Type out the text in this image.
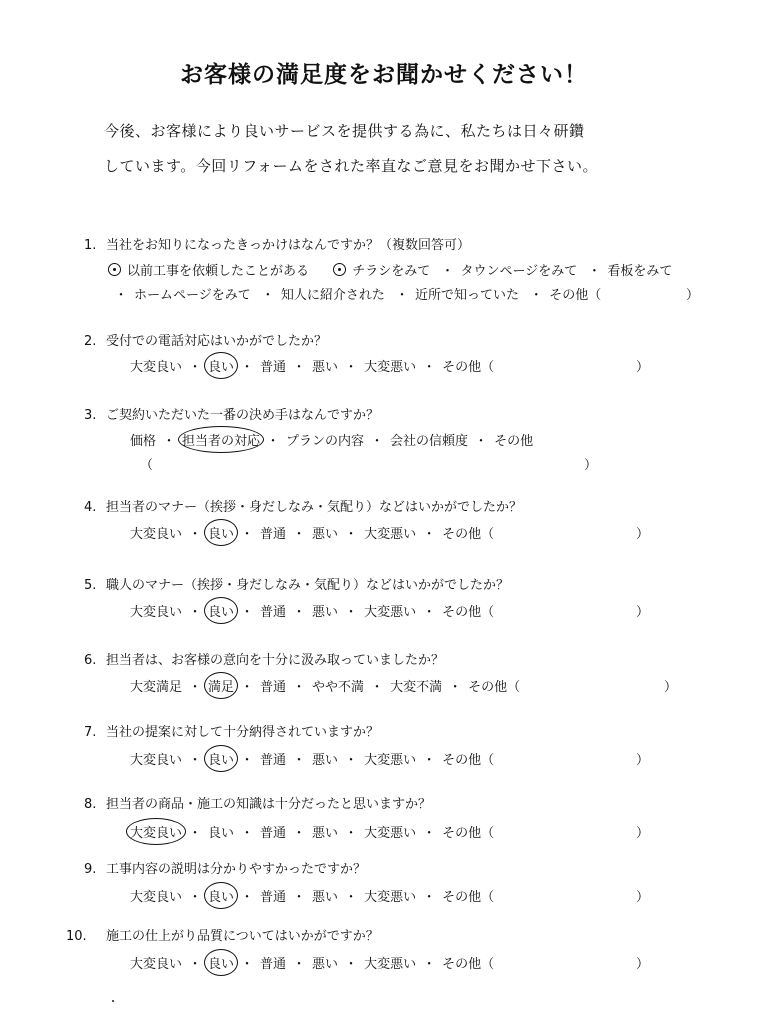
お客様の満足度をお聞かせください！
今後、お客様により良いサービスを提供する為に、私たちは日々研鑽
しています。今回リフォームをされた率直なご意見をお聞かせ下さい。
1. 当社をお知りになったきっかけはなんですか？（複数回答可）
以前工事を依頼したことがある	チラシをみて ・ タウンページをみて ・ 看板をみて
・ ホームページをみて ・ 知人に紹介された ・ 近所で知っていた ・ その他（	）
2. 受付での電話対応はいかがでしたか？
大変良い ・ 良い ・ 普通 ・ 悪い ・ 大変悪い ・ その他（	）
3. ご契約いただいた一番の決め手はなんですか？
価格 ・ 担当者の対応 ・ プランの内容 ・ 会社の信頼度 ・ その他
（	）
4. 担当者のマナー（挨拶・身だしなみ・気配り）などはいかがでしたか？
大変良い ・ 良い ・ 普通 ・ 悪い ・ 大変悪い ・ その他（	）
5. 職人のマナー（挨拶・身だしなみ・気配り）などはいかがでしたか？
大変良い ・ 良い ・ 普通 ・ 悪い ・ 大変悪い ・ その他（	）
6. 担当者は、お客様の意向を十分に汲み取っていましたか？
大変満足 ・ 満足 ・ 普通 ・ やや不満 ・ 大変不満 ・ その他（	）
7. 当社の提案に対して十分納得されていますか？
大変良い ・ 良い ・ 普通 ・ 悪い ・ 大変悪い ・ その他（	）
8. 担当者の商品・施工の知識は十分だったと思いますか？
大変良い ・ 良い ・ 普通 ・ 悪い ・ 大変悪い ・ その他（	）
9. 工事内容の説明は分かりやすかったですか？
大変良い ・ 良い ・ 普通 ・ 悪い ・ 大変悪い ・ その他（	）
10. 施工の仕上がり品質についてはいかがですか？
大変良い ・ 良い ・ 普通 ・ 悪い ・ 大変悪い ・ その他（	）
